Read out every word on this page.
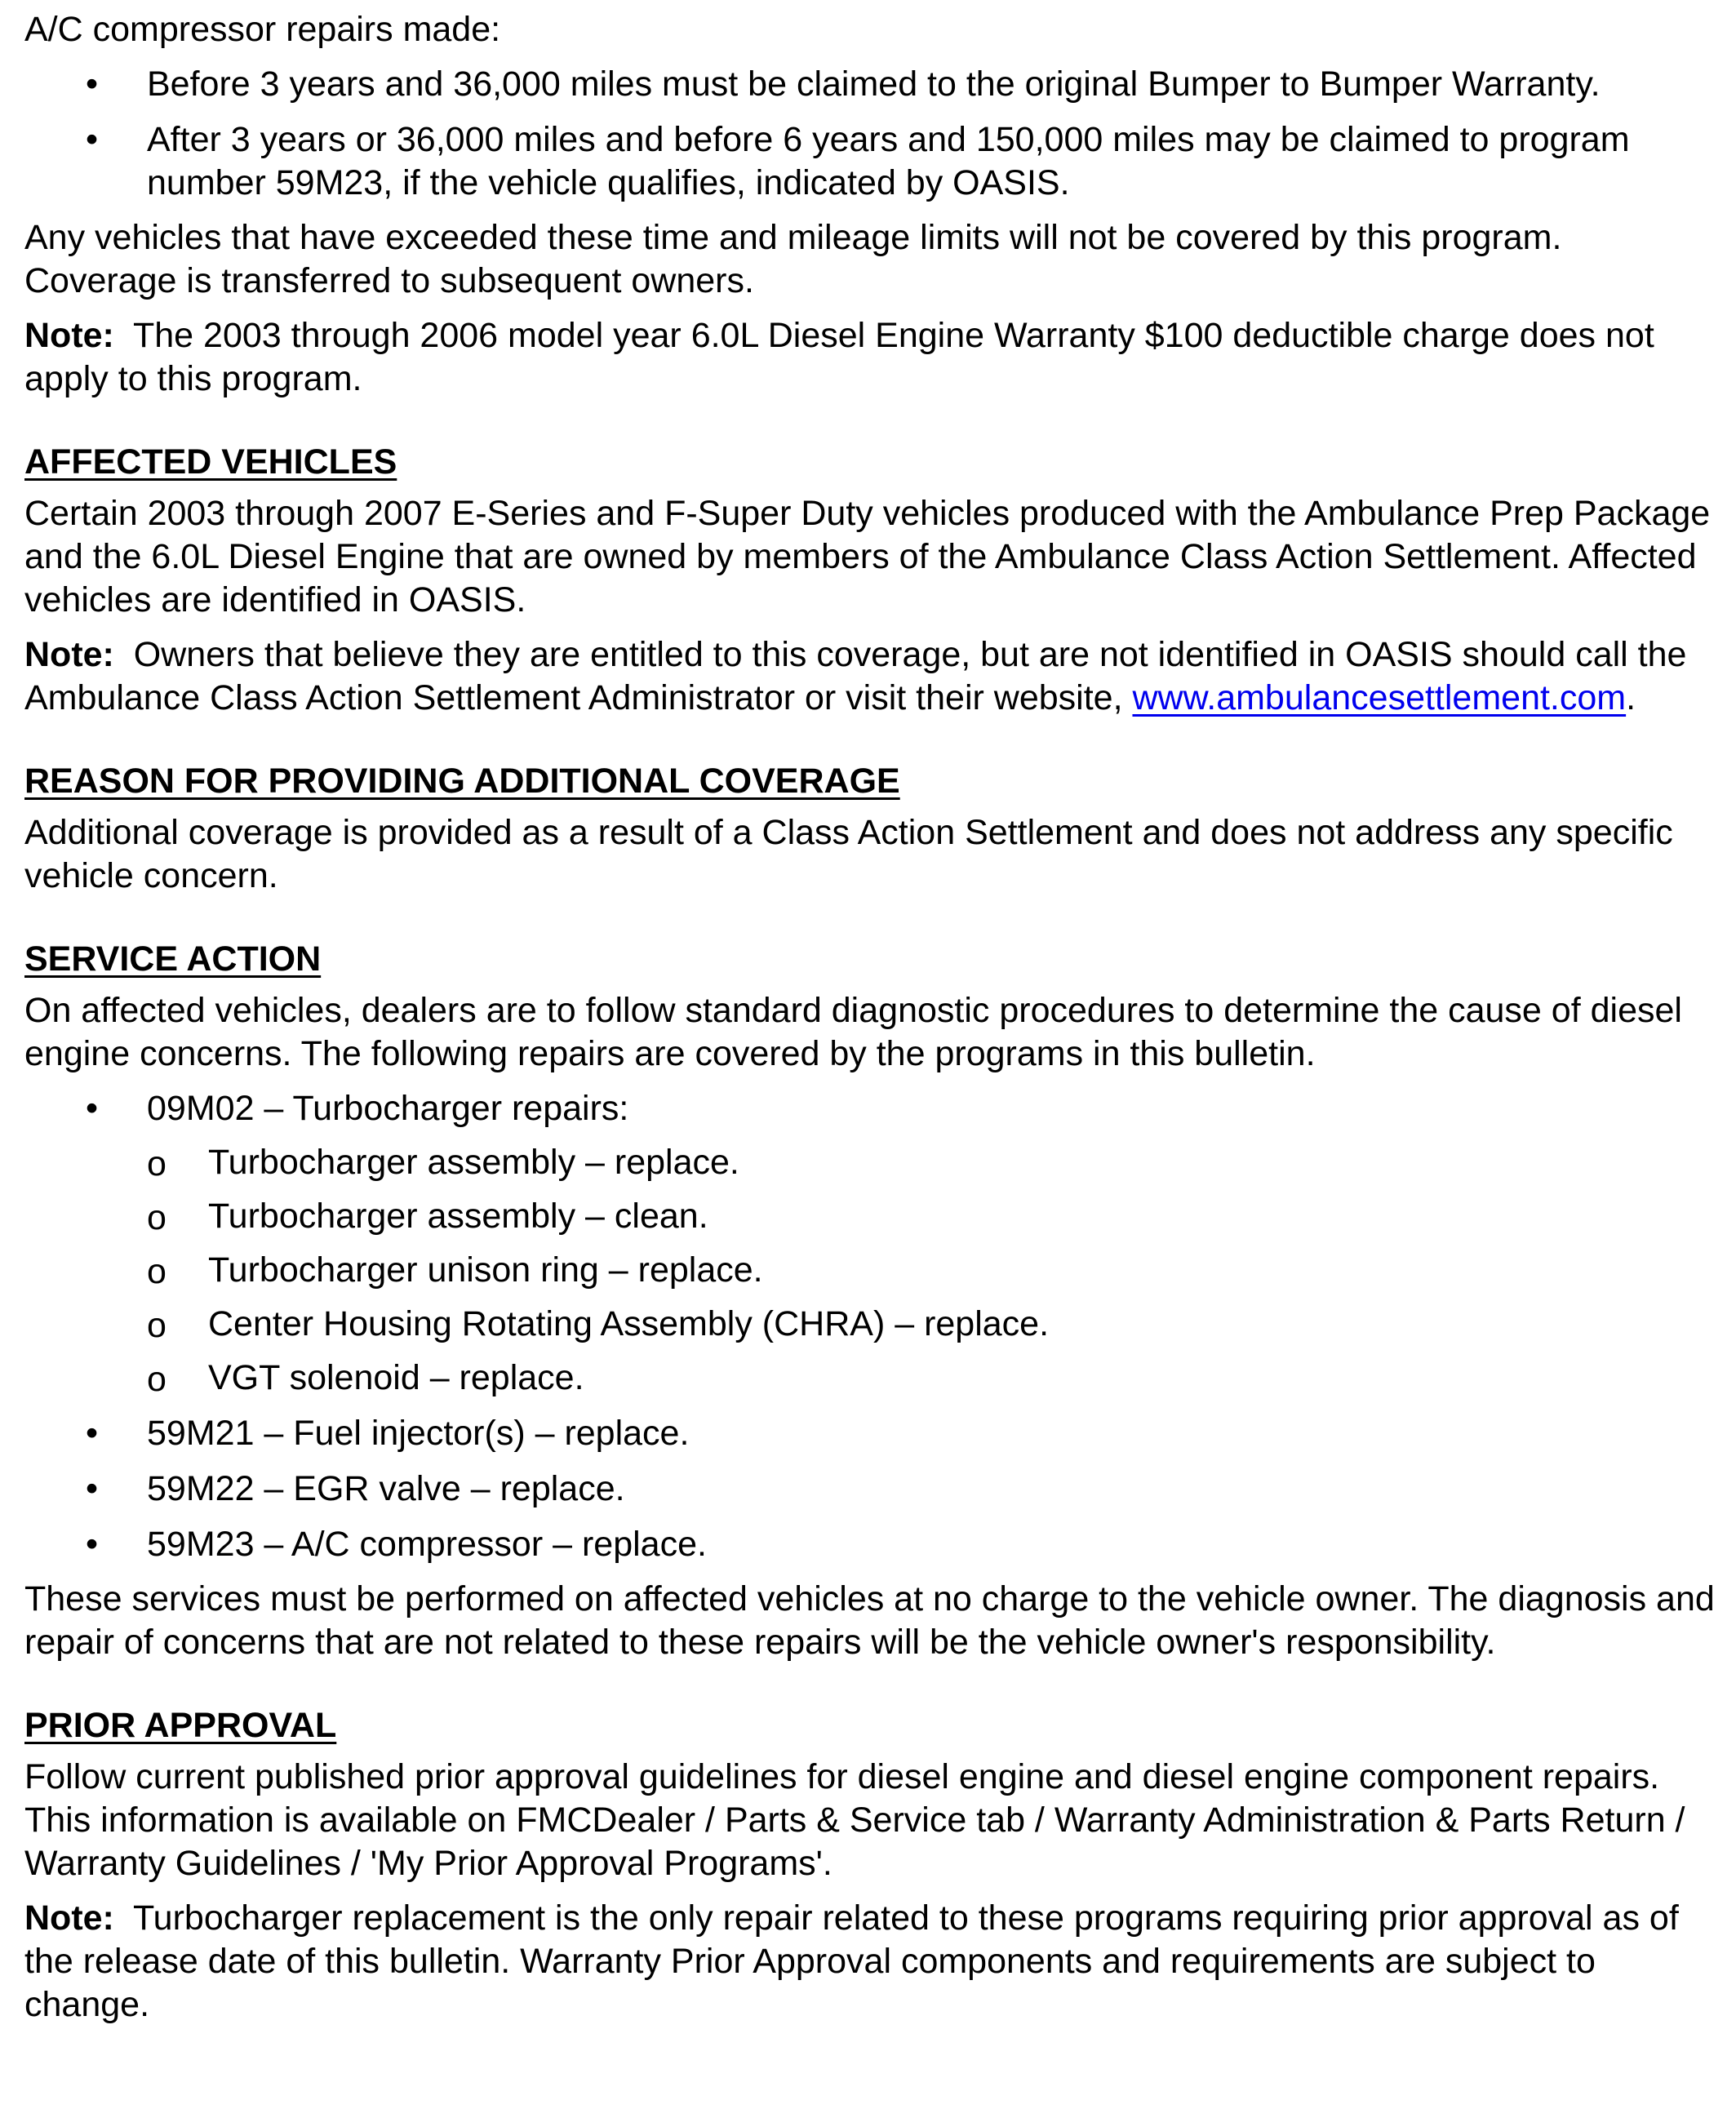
A/C compressor repairs made:

• Before 3 years and 36,000 miles must be claimed to the original Bumper to Bumper Warranty.
• After 3 years or 36,000 miles and before 6 years and 150,000 miles may be claimed to program number 59M23, if the vehicle qualifies, indicated by OASIS.

Any vehicles that have exceeded these time and mileage limits will not be covered by this program. Coverage is transferred to subsequent owners.

Note: The 2003 through 2006 model year 6.0L Diesel Engine Warranty $100 deductible charge does not apply to this program.

AFFECTED VEHICLES

Certain 2003 through 2007 E-Series and F-Super Duty vehicles produced with the Ambulance Prep Package and the 6.0L Diesel Engine that are owned by members of the Ambulance Class Action Settlement. Affected vehicles are identified in OASIS.

Note: Owners that believe they are entitled to this coverage, but are not identified in OASIS should call the Ambulance Class Action Settlement Administrator or visit their website, www.ambulancesettlement.com.

REASON FOR PROVIDING ADDITIONAL COVERAGE

Additional coverage is provided as a result of a Class Action Settlement and does not address any specific vehicle concern.

SERVICE ACTION

On affected vehicles, dealers are to follow standard diagnostic procedures to determine the cause of diesel engine concerns. The following repairs are covered by the programs in this bulletin.

• 09M02 – Turbocharger repairs:
o Turbocharger assembly – replace.
o Turbocharger assembly – clean.
o Turbocharger unison ring – replace.
o Center Housing Rotating Assembly (CHRA) – replace.
o VGT solenoid – replace.
• 59M21 – Fuel injector(s) – replace.
• 59M22 – EGR valve – replace.
• 59M23 – A/C compressor – replace.

These services must be performed on affected vehicles at no charge to the vehicle owner. The diagnosis and repair of concerns that are not related to these repairs will be the vehicle owner's responsibility.

PRIOR APPROVAL

Follow current published prior approval guidelines for diesel engine and diesel engine component repairs. This information is available on FMCDealer / Parts & Service tab / Warranty Administration & Parts Return / Warranty Guidelines / 'My Prior Approval Programs'.

Note: Turbocharger replacement is the only repair related to these programs requiring prior approval as of the release date of this bulletin. Warranty Prior Approval components and requirements are subject to change.
